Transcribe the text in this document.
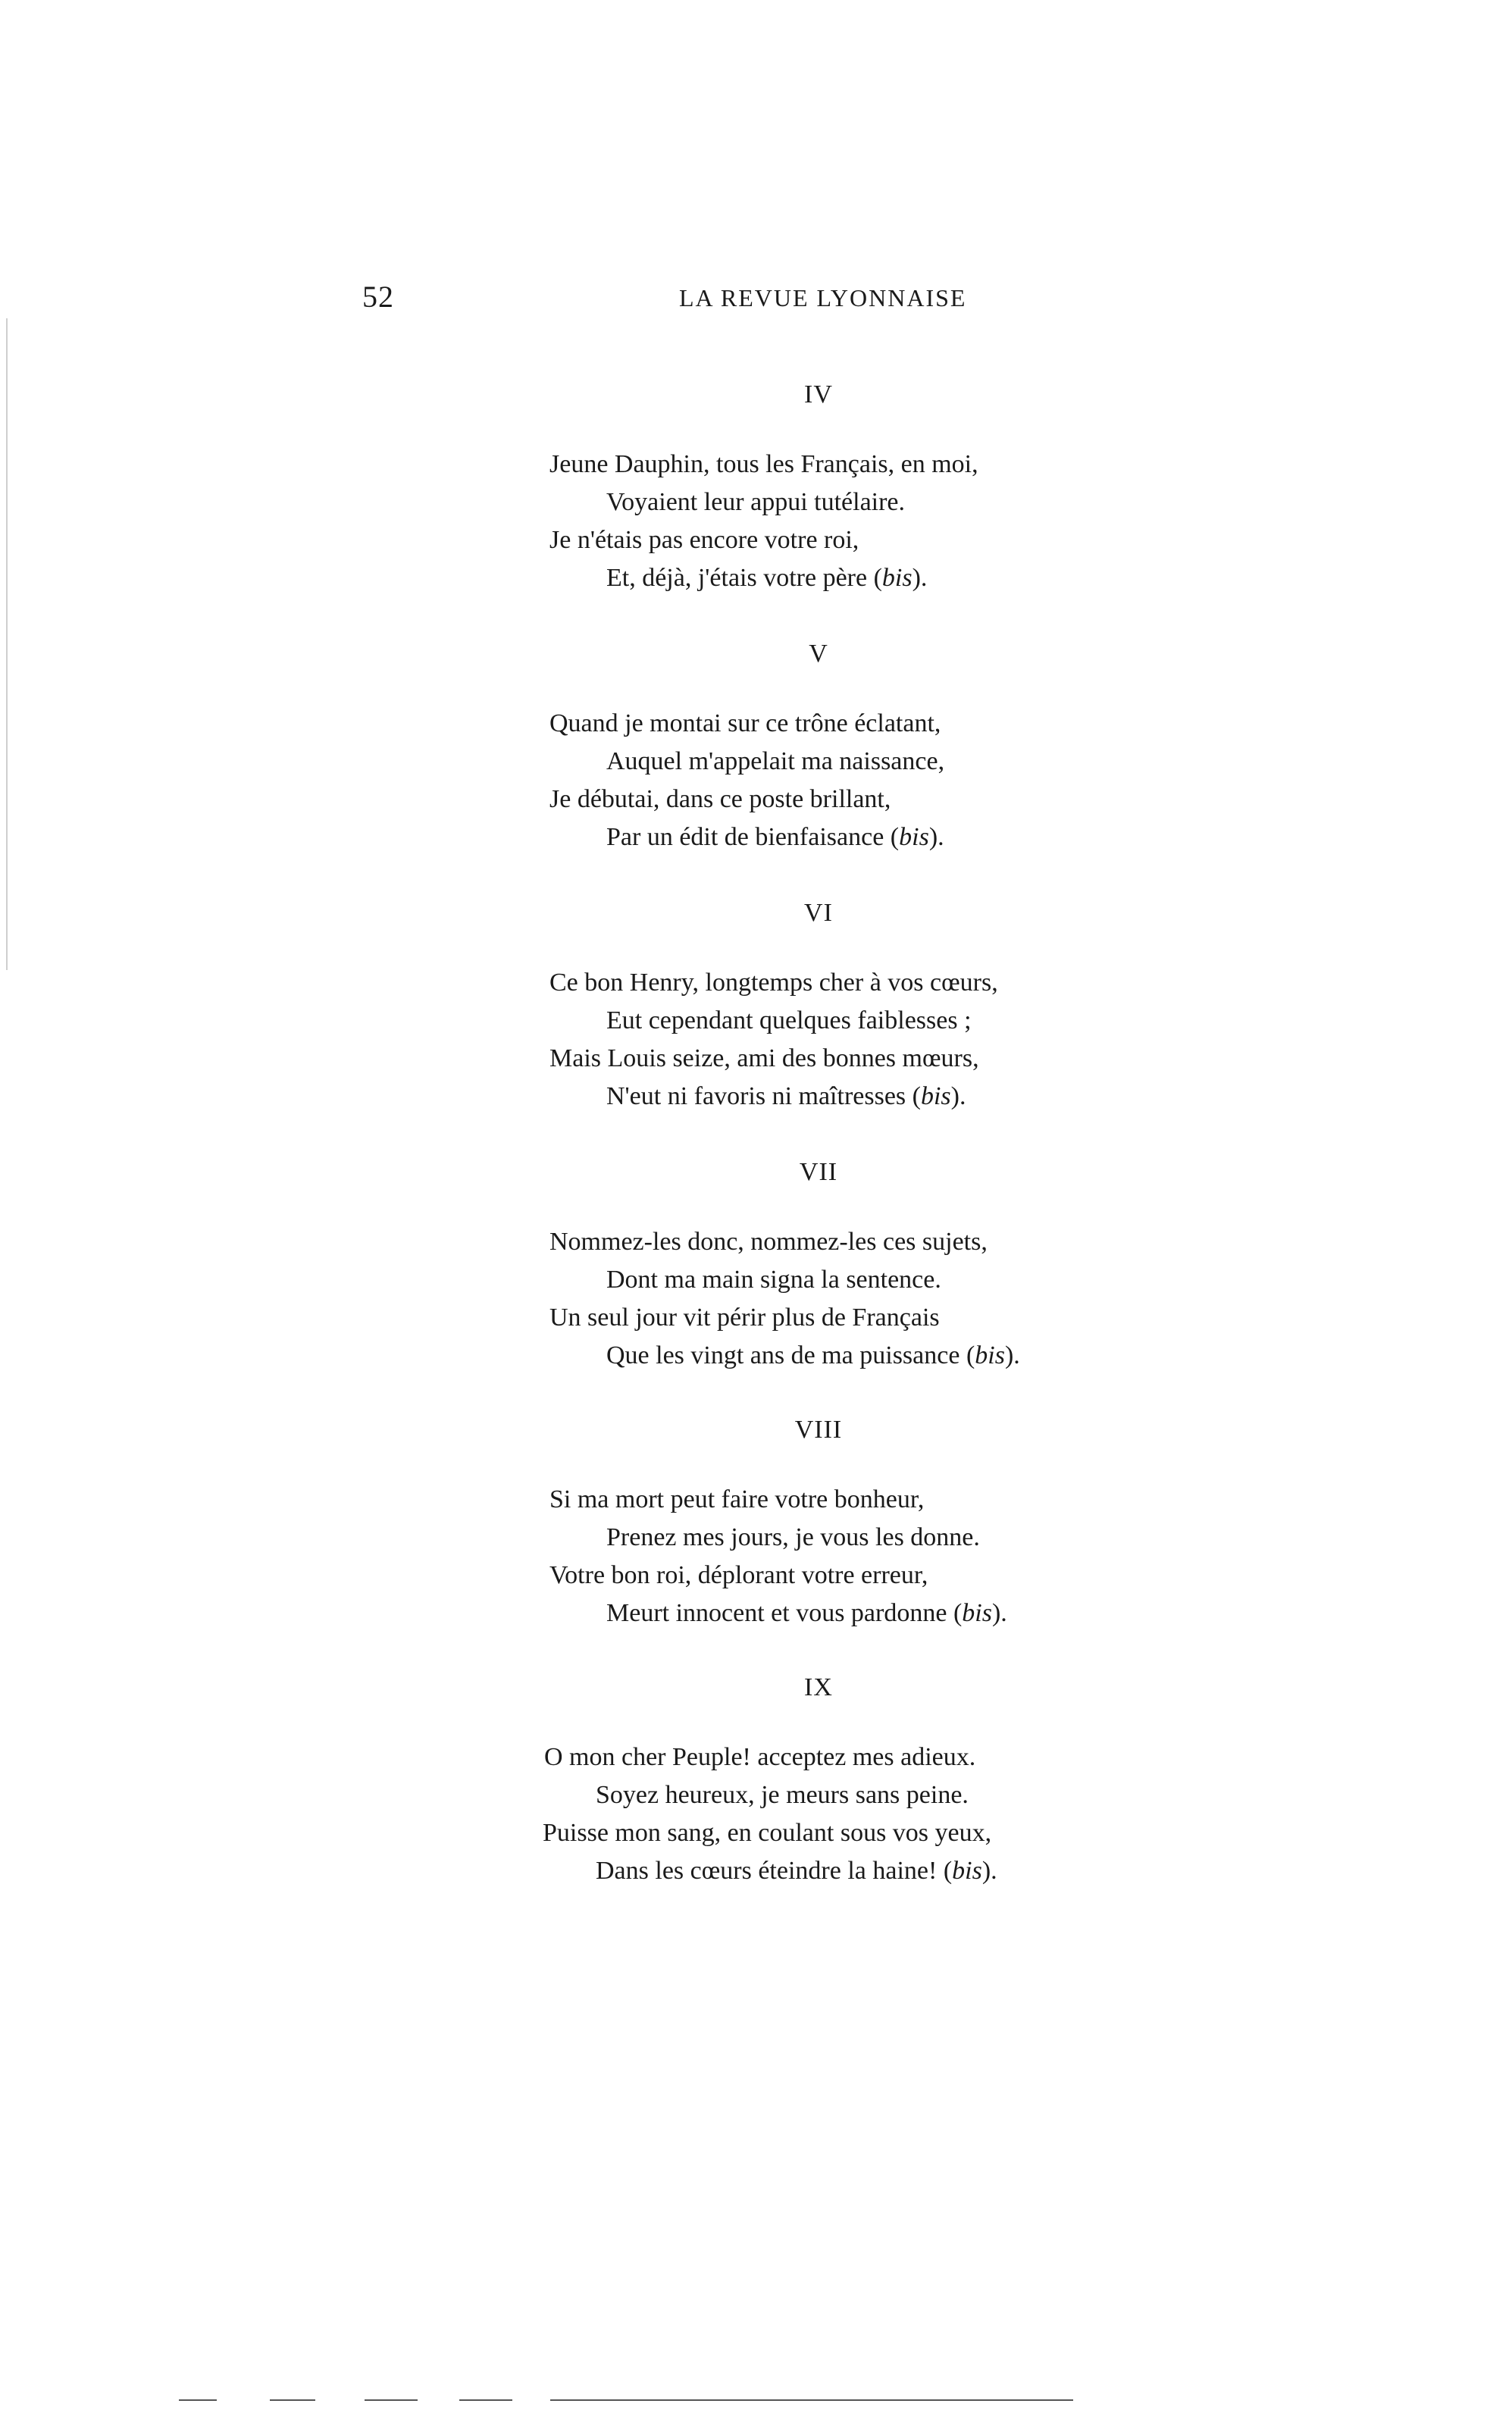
52	LA REVUE LYONNAISE
IV
Jeune Dauphin, tous les Français, en moi,
Voyaient leur appui tutélaire.
Je n'étais pas encore votre roi,
Et, déjà, j'étais votre père (bis).
V
Quand je montai sur ce trône éclatant,
Auquel m'appelait ma naissance,
Je débutai, dans ce poste brillant,
Par un édit de bienfaisance (bis).
VI
Ce bon Henry, longtemps cher à vos cœurs,
Eut cependant quelques faiblesses ;
Mais Louis seize, ami des bonnes mœurs,
N'eut ni favoris ni maîtresses (bis).
VII
Nommez-les donc, nommez-les ces sujets,
Dont ma main signa la sentence.
Un seul jour vit périr plus de Français
Que les vingt ans de ma puissance (bis).
VIII
Si ma mort peut faire votre bonheur,
Prenez mes jours, je vous les donne.
Votre bon roi, déplorant votre erreur,
Meurt innocent et vous pardonne (bis).
IX
O mon cher Peuple! acceptez mes adieux.
Soyez heureux, je meurs sans peine.
Puisse mon sang, en coulant sous vos yeux,
Dans les cœurs éteindre la haine! (bis).
